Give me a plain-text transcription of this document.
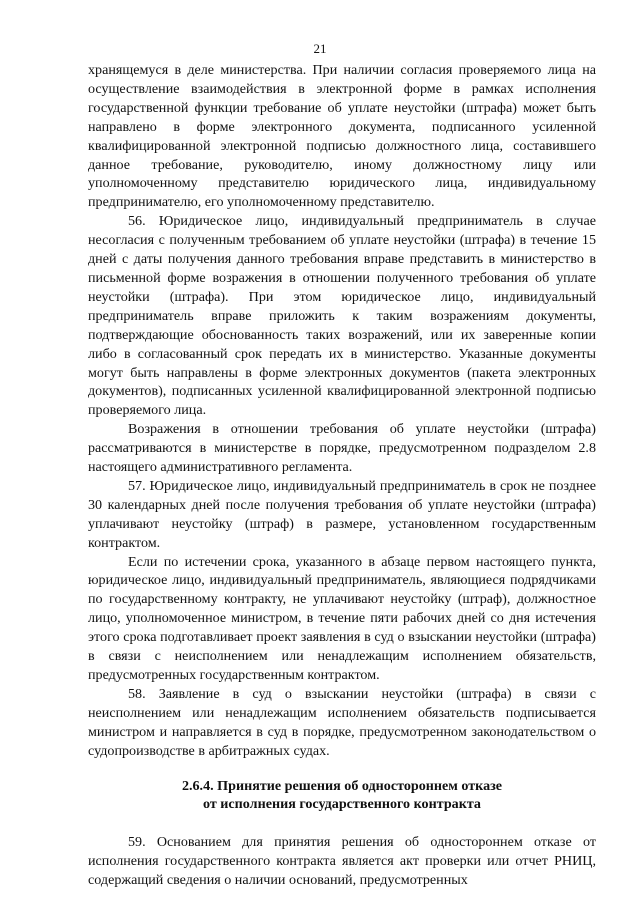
21

хранящемуся в деле министерства. При наличии согласия проверяемого лица на осуществление взаимодействия в электронной форме в рамках исполнения государственной функции требование об уплате неустойки (штрафа) может быть направлено в форме электронного документа, подписанного усиленной квалифицированной электронной подписью должностного лица, составившего данное требование, руководителю, иному должностному лицу или уполномоченному представителю юридического лица, индивидуальному предпринимателю, его уполномоченному представителю.

56. Юридическое лицо, индивидуальный предприниматель в случае несогласия с полученным требованием об уплате неустойки (штрафа) в течение 15 дней с даты получения данного требования вправе представить в министерство в письменной форме возражения в отношении полученного требования об уплате неустойки (штрафа). При этом юридическое лицо, индивидуальный предприниматель вправе приложить к таким возражениям документы, подтверждающие обоснованность таких возражений, или их заверенные копии либо в согласованный срок передать их в министерство. Указанные документы могут быть направлены в форме электронных документов (пакета электронных документов), подписанных усиленной квалифицированной электронной подписью проверяемого лица.

Возражения в отношении требования об уплате неустойки (штрафа) рассматриваются в министерстве в порядке, предусмотренном подразделом 2.8 настоящего административного регламента.

57. Юридическое лицо, индивидуальный предприниматель в срок не позднее 30 календарных дней после получения требования об уплате неустойки (штрафа) уплачивают неустойку (штраф) в размере, установленном государственным контрактом.

Если по истечении срока, указанного в абзаце первом настоящего пункта, юридическое лицо, индивидуальный предприниматель, являющиеся подрядчиками по государственному контракту, не уплачивают неустойку (штраф), должностное лицо, уполномоченное министром, в течение пяти рабочих дней со дня истечения этого срока подготавливает проект заявления в суд о взыскании неустойки (штрафа) в связи с неисполнением или ненадлежащим исполнением обязательств, предусмотренных государственным контрактом.

58. Заявление в суд о взыскании неустойки (штрафа) в связи с неисполнением или ненадлежащим исполнением обязательств подписывается министром и направляется в суд в порядке, предусмотренном законодательством о судопроизводстве в арбитражных судах.

2.6.4. Принятие решения об одностороннем отказе
от исполнения государственного контракта

59. Основанием для принятия решения об одностороннем отказе от исполнения государственного контракта является акт проверки или отчет РНИЦ, содержащий сведения о наличии оснований, предусмотренных
